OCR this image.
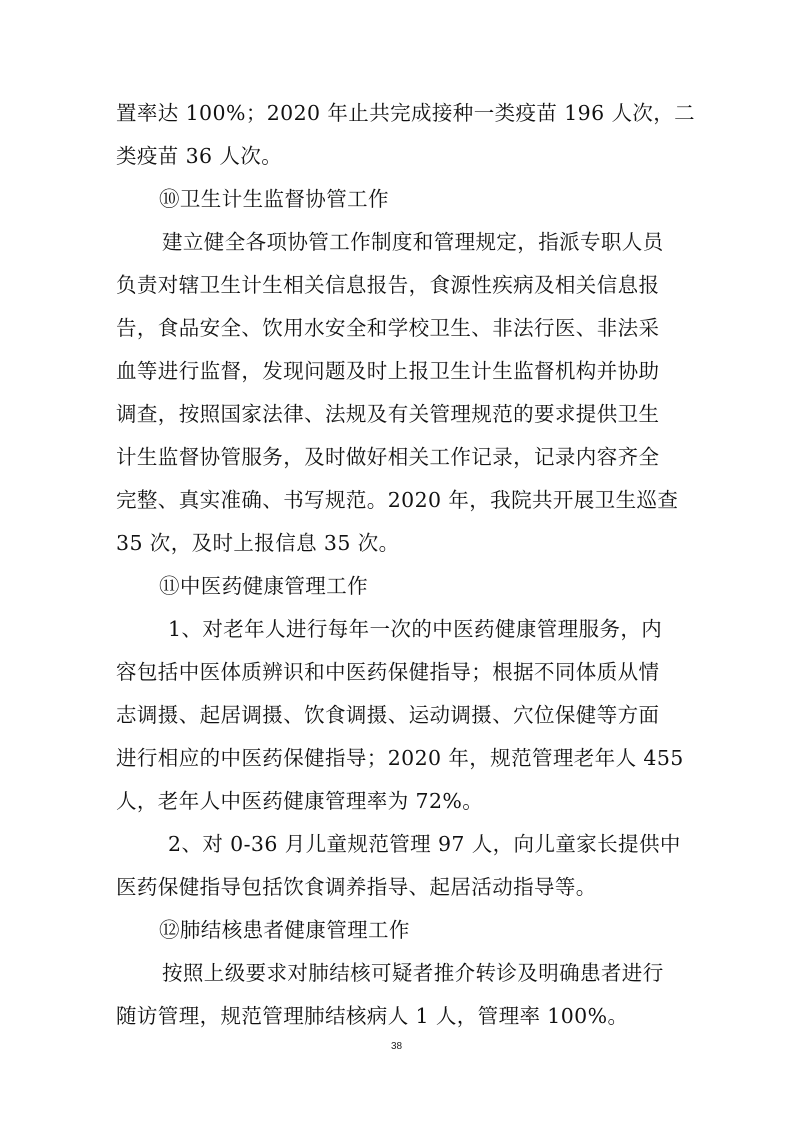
置率达 100%；2020 年止共完成接种一类疫苗 196 人次，二

类疫苗 36 人次。

⑩卫生计生监督协管工作

建立健全各项协管工作制度和管理规定，指派专职人员

负责对辖卫生计生相关信息报告，食源性疾病及相关信息报

告，食品安全、饮用水安全和学校卫生、非法行医、非法采

血等进行监督，发现问题及时上报卫生计生监督机构并协助

调查，按照国家法律、法规及有关管理规范的要求提供卫生

计生监督协管服务，及时做好相关工作记录，记录内容齐全

完整、真实准确、书写规范。2020 年，我院共开展卫生巡查

35 次，及时上报信息 35 次。

⑪中医药健康管理工作

1、对老年人进行每年一次的中医药健康管理服务，内

容包括中医体质辨识和中医药保健指导；根据不同体质从情

志调摄、起居调摄、饮食调摄、运动调摄、穴位保健等方面

进行相应的中医药保健指导；2020 年，规范管理老年人 455

人，老年人中医药健康管理率为 72%。

2、对 0-36 月儿童规范管理 97 人，向儿童家长提供中

医药保健指导包括饮食调养指导、起居活动指导等。

⑫肺结核患者健康管理工作

按照上级要求对肺结核可疑者推介转诊及明确患者进行

随访管理，规范管理肺结核病人 1 人，管理率 100%。

38
